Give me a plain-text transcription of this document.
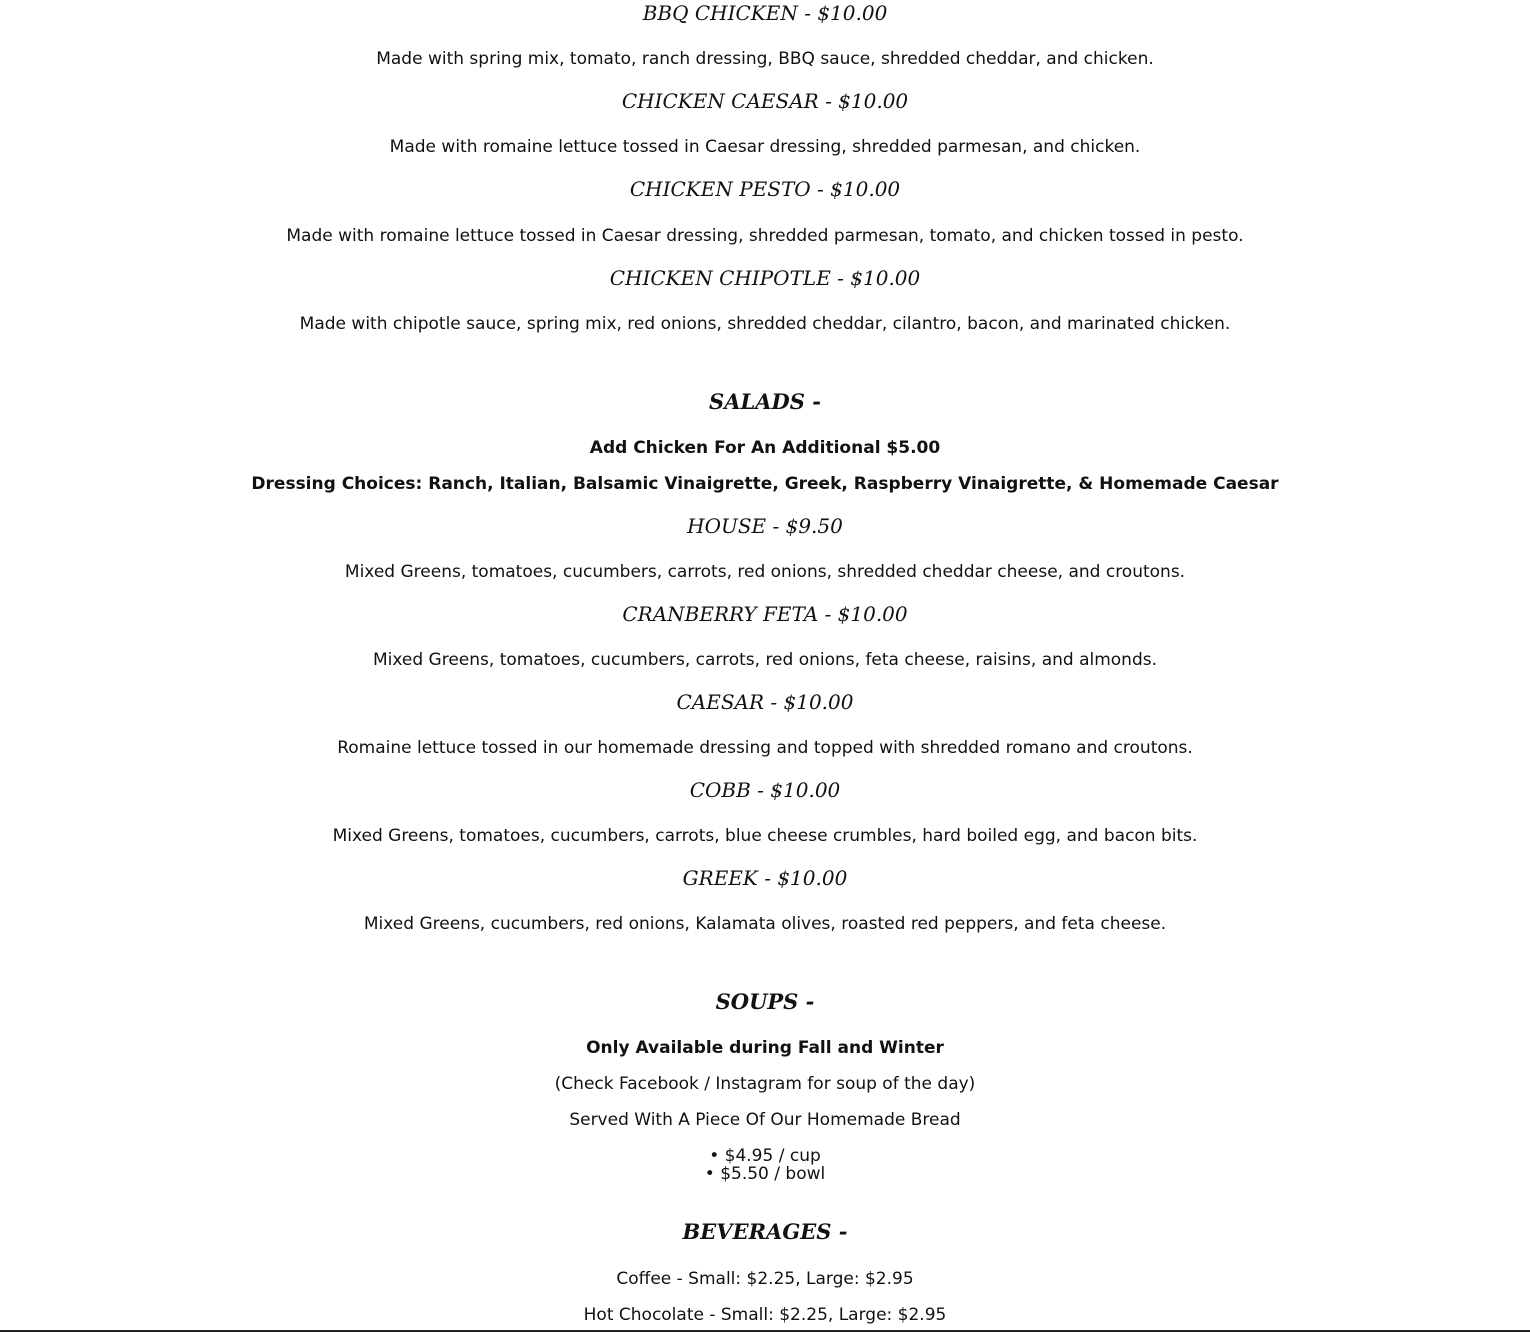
BBQ CHICKEN - $10.00

Made with spring mix, tomato, ranch dressing, BBQ sauce, shredded cheddar, and chicken.

CHICKEN CAESAR - $10.00

Made with romaine lettuce tossed in Caesar dressing, shredded parmesan, and chicken.

CHICKEN PESTO - $10.00

Made with romaine lettuce tossed in Caesar dressing, shredded parmesan, tomato, and chicken tossed in pesto.

CHICKEN CHIPOTLE - $10.00

Made with chipotle sauce, spring mix, red onions, shredded cheddar, cilantro, bacon, and marinated chicken.

SALADS -

Add Chicken For An Additional $5.00

Dressing Choices: Ranch, Italian, Balsamic Vinaigrette, Greek, Raspberry Vinaigrette, & Homemade Caesar

HOUSE - $9.50

Mixed Greens, tomatoes, cucumbers, carrots, red onions, shredded cheddar cheese, and croutons.

CRANBERRY FETA - $10.00

Mixed Greens, tomatoes, cucumbers, carrots, red onions, feta cheese, raisins, and almonds.

CAESAR - $10.00

Romaine lettuce tossed in our homemade dressing and topped with shredded romano and croutons.

COBB - $10.00

Mixed Greens, tomatoes, cucumbers, carrots, blue cheese crumbles, hard boiled egg, and bacon bits.

GREEK - $10.00

Mixed Greens, cucumbers, red onions, Kalamata olives, roasted red peppers, and feta cheese.

SOUPS -

Only Available during Fall and Winter

(Check Facebook / Instagram for soup of the day)

Served With A Piece Of Our Homemade Bread

• $4.95 / cup
• $5.50 / bowl

BEVERAGES -

Coffee - Small: $2.25, Large: $2.95

Hot Chocolate - Small: $2.25, Large: $2.95
